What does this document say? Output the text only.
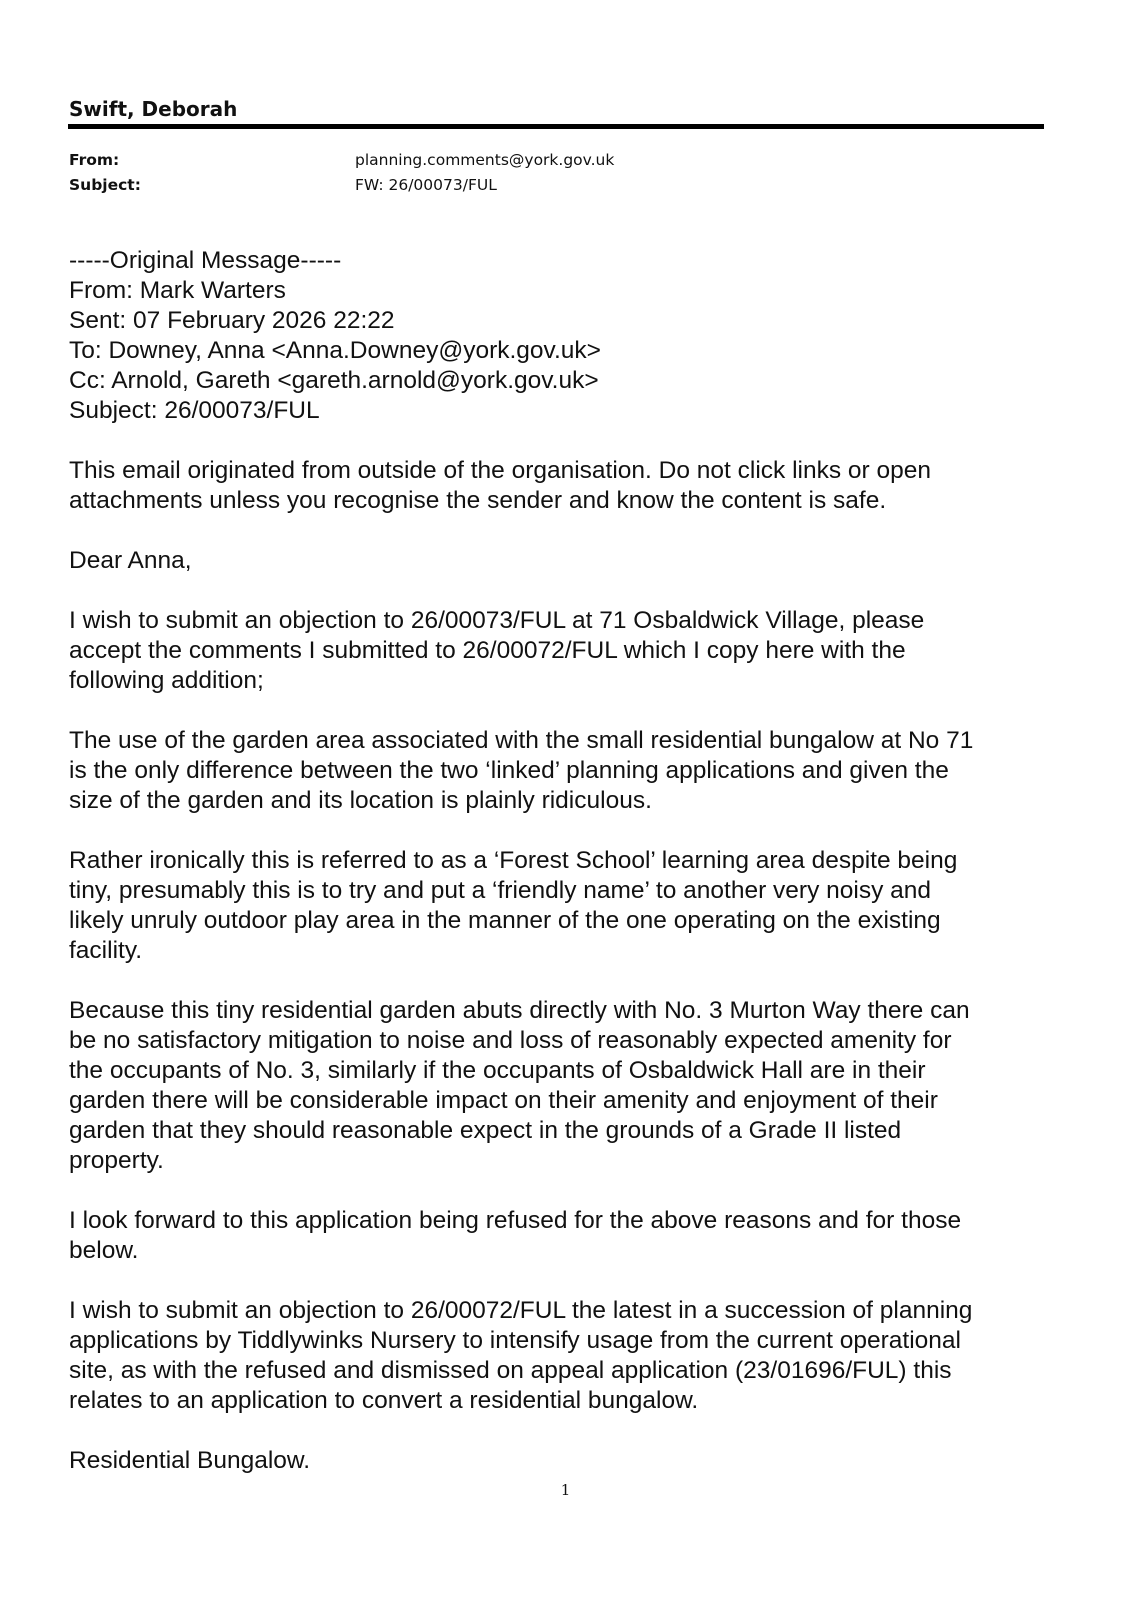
Swift, Deborah
From:	planning.comments@york.gov.uk
Subject:	FW: 26/00073/FUL
-----Original Message-----
From: Mark Warters
Sent: 07 February 2026 22:22
To: Downey, Anna <Anna.Downey@york.gov.uk>
Cc: Arnold, Gareth <gareth.arnold@york.gov.uk>
Subject: 26/00073/FUL
This email originated from outside of the organisation. Do not click links or open
attachments unless you recognise the sender and know the content is safe.
Dear Anna,
I wish to submit an objection to 26/00073/FUL at 71 Osbaldwick Village, please
accept the comments I submitted to 26/00072/FUL which I copy here with the
following addition;
The use of the garden area associated with the small residential bungalow at No 71
is the only difference between the two ‘linked’ planning applications and given the
size of the garden and its location is plainly ridiculous.
Rather ironically this is referred to as a ‘Forest School’ learning area despite being
tiny, presumably this is to try and put a ‘friendly name’ to another very noisy and
likely unruly outdoor play area in the manner of the one operating on the existing
facility.
Because this tiny residential garden abuts directly with No. 3 Murton Way there can
be no satisfactory mitigation to noise and loss of reasonably expected amenity for
the occupants of No. 3, similarly if the occupants of Osbaldwick Hall are in their
garden there will be considerable impact on their amenity and enjoyment of their
garden that they should reasonable expect in the grounds of a Grade II listed
property.
I look forward to this application being refused for the above reasons and for those
below.
I wish to submit an objection to 26/00072/FUL the latest in a succession of planning
applications by Tiddlywinks Nursery to intensify usage from the current operational
site, as with the refused and dismissed on appeal application (23/01696/FUL) this
relates to an application to convert a residential bungalow.
Residential Bungalow.
1
